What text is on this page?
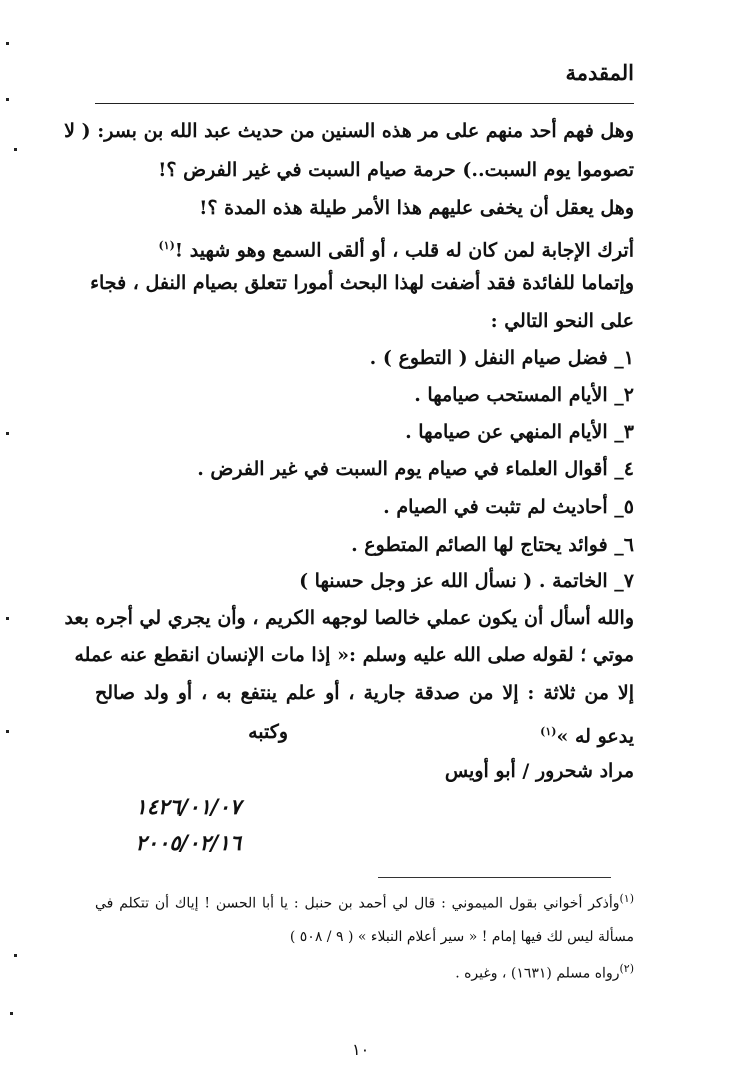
المقدمة
وهل فهم أحد منهم على مر هذه السنين من حديث عبد الله بن بسر: ( لا
تصوموا يوم السبت..) حرمة صيام السبت في غير الفرض ؟!
وهل يعقل أن يخفى عليهم هذا الأمر طيلة هذه المدة ؟!
أترك الإجابة لمن كان له قلب ، أو ألقى السمع وهو شهيد !$^{(١)}$
وإتماما للفائدة فقد أضفت لهذا البحث أمورا تتعلق بصيام النفل ، فجاء
على النحو التالي :
١_ فضل صيام النفل ( التطوع ) .
٢_ الأيام المستحب صيامها .
٣_ الأيام المنهي عن صيامها .
٤_ أقوال العلماء في صيام يوم السبت في غير الفرض .
٥_ أحاديث لم تثبت في الصيام .
٦_ فوائد يحتاج لها الصائم المتطوع .
٧_ الخاتمة . ( نسأل الله عز وجل حسنها )
والله أسأل أن يكون عملي خالصا لوجهه الكريم ، وأن يجري لي أجره بعد
موتي ؛ لقوله صلى الله عليه وسلم :« إذا مات الإنسان انقطع عنه عمله
إلا من ثلاثة : إلا من صدقة جارية ، أو علم ينتفع به ، أو ولد صالح
يدعو له »$^{(١)}$
وكتبه
مراد شحرور / أبو أويس
١٤٢٦/٠١/٠٧
٢٠٠٥/٠٢/١٦
$^{(١)}$وأذكر أخواني بقول الميموني : قال لي أحمد بن حنبل : يا أبا الحسن ! إياك أن تتكلم في
مسألة ليس لك فيها إمام ! « سير أعلام النبلاء » ( ٩ / ٥٠٨ )
$^{(٢)}$رواه مسلم (١٦٣١) ، وغيره .
١٠
